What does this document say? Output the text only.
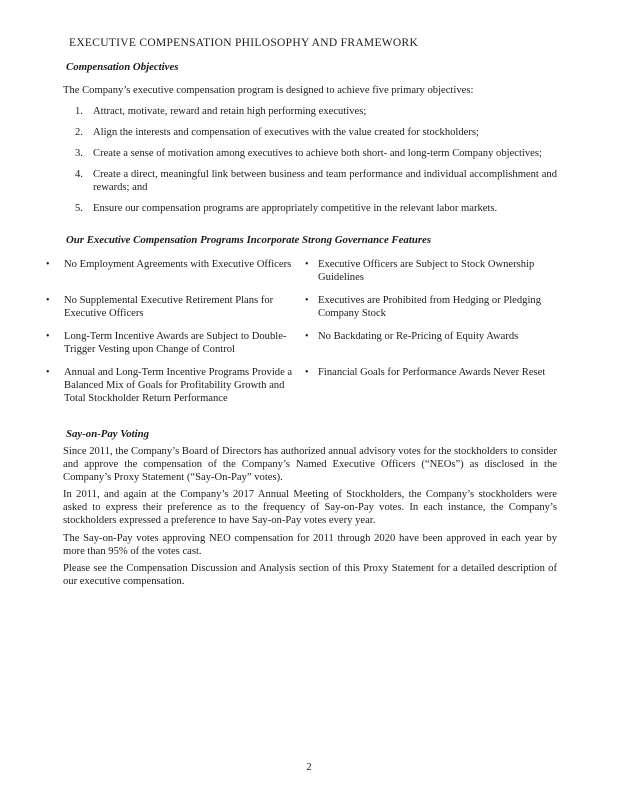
EXECUTIVE COMPENSATION PHILOSOPHY AND FRAMEWORK
Compensation Objectives
The Company’s executive compensation program is designed to achieve five primary objectives:
1. Attract, motivate, reward and retain high performing executives;
2. Align the interests and compensation of executives with the value created for stockholders;
3. Create a sense of motivation among executives to achieve both short- and long-term Company objectives;
4. Create a direct, meaningful link between business and team performance and individual accomplishment and rewards; and
5. Ensure our compensation programs are appropriately competitive in the relevant labor markets.
Our Executive Compensation Programs Incorporate Strong Governance Features
•	No Employment Agreements with Executive Officers	• Executive Officers are Subject to Stock Ownership Guidelines
•	No Supplemental Executive Retirement Plans for Executive Officers
• Executives are Prohibited from Hedging or Pledging Company Stock
•	Long-Term Incentive Awards are Subject to Double-Trigger Vesting upon Change of Control
• No Backdating or Re-Pricing of Equity Awards
•	Annual and Long-Term Incentive Programs Provide a Balanced Mix of Goals for Profitability Growth and Total Stockholder Return Performance
• Financial Goals for Performance Awards Never Reset
Say-on-Pay Voting

Since 2011, the Company’s Board of Directors has authorized annual advisory votes for the stockholders to consider and approve the compensation of the Company’s Named Executive Officers (“NEOs”) as disclosed in the Company’s Proxy Statement (“Say-On-Pay” votes).

In 2011, and again at the Company’s 2017 Annual Meeting of Stockholders, the Company’s stockholders were asked to express their preference as to the frequency of Say-on-Pay votes. In each instance, the Company’s stockholders expressed a preference to have Say-on-Pay votes every year.

The Say-on-Pay votes approving NEO compensation for 2011 through 2020 have been approved in each year by more than 95% of the votes cast.

Please see the Compensation Discussion and Analysis section of this Proxy Statement for a detailed description of our executive compensation.

2
